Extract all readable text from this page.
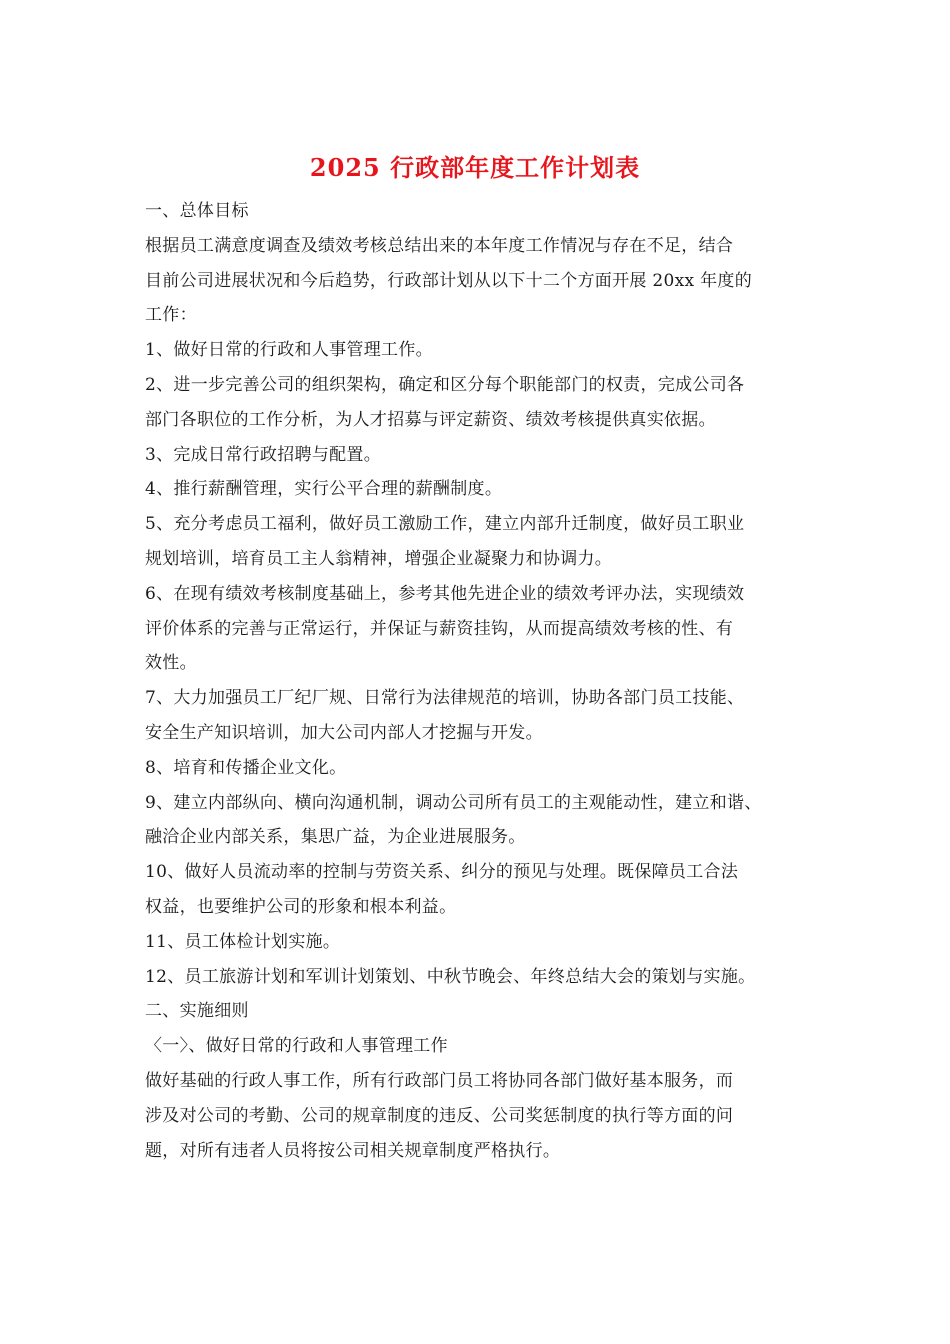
2025 行政部年度工作计划表
一、总体目标
根据员工满意度调查及绩效考核总结出来的本年度工作情况与存在不足，结合
目前公司进展状况和今后趋势，行政部计划从以下十二个方面开展 20xx 年度的
工作：
1、做好日常的行政和人事管理工作。
2、进一步完善公司的组织架构，确定和区分每个职能部门的权责，完成公司各
部门各职位的工作分析，为人才招募与评定薪资、绩效考核提供真实依据。
3、完成日常行政招聘与配置。
4、推行薪酬管理，实行公平合理的薪酬制度。
5、充分考虑员工福利，做好员工激励工作，建立内部升迁制度，做好员工职业
规划培训，培育员工主人翁精神，增强企业凝聚力和协调力。
6、在现有绩效考核制度基础上，参考其他先进企业的绩效考评办法，实现绩效
评价体系的完善与正常运行，并保证与薪资挂钩，从而提高绩效考核的性、有
效性。
7、大力加强员工厂纪厂规、日常行为法律规范的培训，协助各部门员工技能、
安全生产知识培训，加大公司内部人才挖掘与开发。
8、培育和传播企业文化。
9、建立内部纵向、横向沟通机制，调动公司所有员工的主观能动性，建立和谐、
融洽企业内部关系，集思广益，为企业进展服务。
10、做好人员流动率的控制与劳资关系、纠分的预见与处理。既保障员工合法
权益，也要维护公司的形象和根本利益。
11、员工体检计划实施。
12、员工旅游计划和军训计划策划、中秋节晚会、年终总结大会的策划与实施。
二、实施细则
〈一〉、做好日常的行政和人事管理工作
做好基础的行政人事工作，所有行政部门员工将协同各部门做好基本服务，而
涉及对公司的考勤、公司的规章制度的违反、公司奖惩制度的执行等方面的问
题，对所有违者人员将按公司相关规章制度严格执行。
